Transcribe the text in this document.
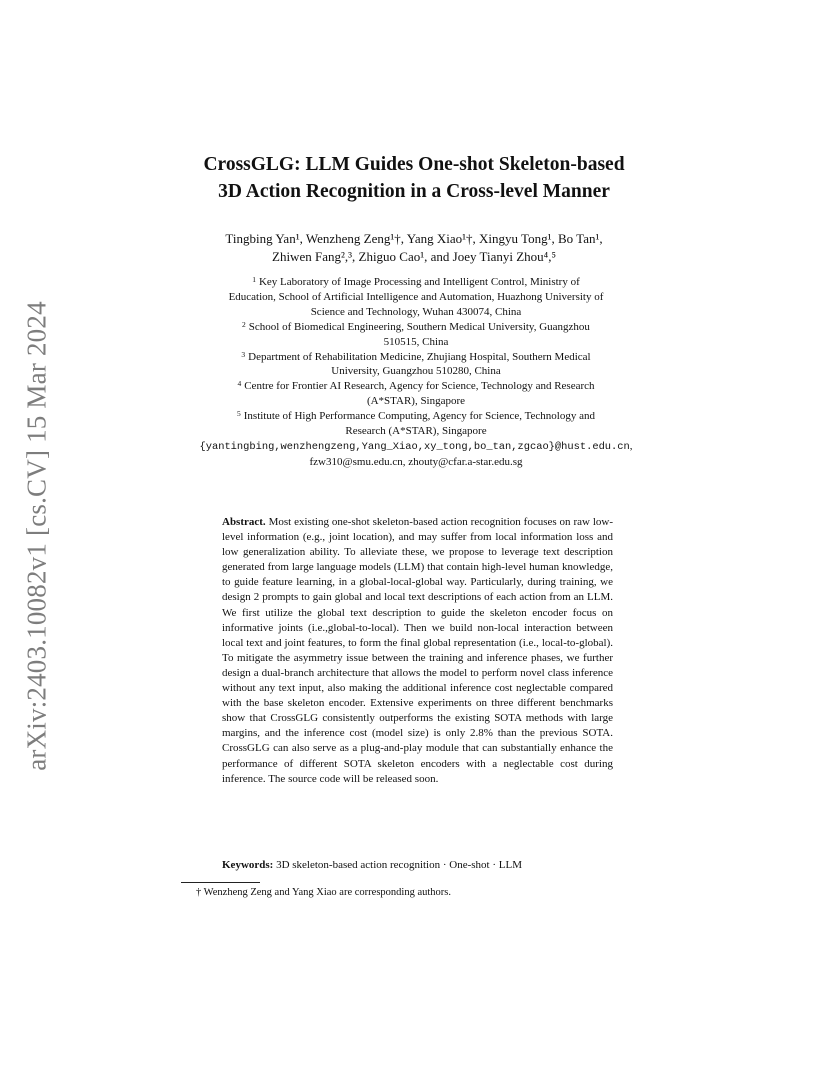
arXiv:2403.10082v1 [cs.CV] 15 Mar 2024
CrossGLG: LLM Guides One-shot Skeleton-based
3D Action Recognition in a Cross-level Manner
Tingbing Yan¹, Wenzheng Zeng¹†, Yang Xiao¹†, Xingyu Tong¹, Bo Tan¹,
Zhiwen Fang²,³, Zhiguo Cao¹, and Joey Tianyi Zhou⁴,⁵
$^1$ Key Laboratory of Image Processing and Intelligent Control, Ministry of
Education, School of Artificial Intelligence and Automation, Huazhong University of
Science and Technology, Wuhan 430074, China
$^2$ School of Biomedical Engineering, Southern Medical University, Guangzhou
510515, China
$^3$ Department of Rehabilitation Medicine, Zhujiang Hospital, Southern Medical
University, Guangzhou 510280, China
$^4$ Centre for Frontier AI Research, Agency for Science, Technology and Research
(A*STAR), Singapore
$^5$ Institute of High Performance Computing, Agency for Science, Technology and
Research (A*STAR), Singapore
{yantingbing,wenzhengzeng,Yang_Xiao,xy_tong,bo_tan,zgcao}@hust.edu.cn,
fzw310@smu.edu.cn, zhouty@cfar.a-star.edu.sg

Abstract. Most existing one-shot skeleton-based action recognition focuses on raw low-level information (e.g., joint location), and may suffer from local information loss and low generalization ability. To alleviate these, we propose to leverage text description generated from large language models (LLM) that contain high-level human knowledge, to guide feature learning, in a global-local-global way. Particularly, during training, we design 2 prompts to gain global and local text descriptions of each action from an LLM. We first utilize the global text description to guide the skeleton encoder focus on informative joints (i.e.,global-to-local). Then we build non-local interaction between local text and joint features, to form the final global representation (i.e., local-to-global). To mitigate the asymmetry issue between the training and inference phases, we further design a dual-branch architecture that allows the model to perform novel class inference without any text input, also making the additional inference cost neglectable compared with the base skeleton encoder. Extensive experiments on three different benchmarks show that CrossGLG consistently outperforms the existing SOTA methods with large margins, and the inference cost (model size) is only 2.8% than the previous SOTA. CrossGLG can also serve as a plug-and-play module that can substantially enhance the performance of different SOTA skeleton encoders with a neglectable cost during inference. The source code will be released soon.

Keywords: 3D skeleton-based action recognition · One-shot · LLM
† Wenzheng Zeng and Yang Xiao are corresponding authors.
